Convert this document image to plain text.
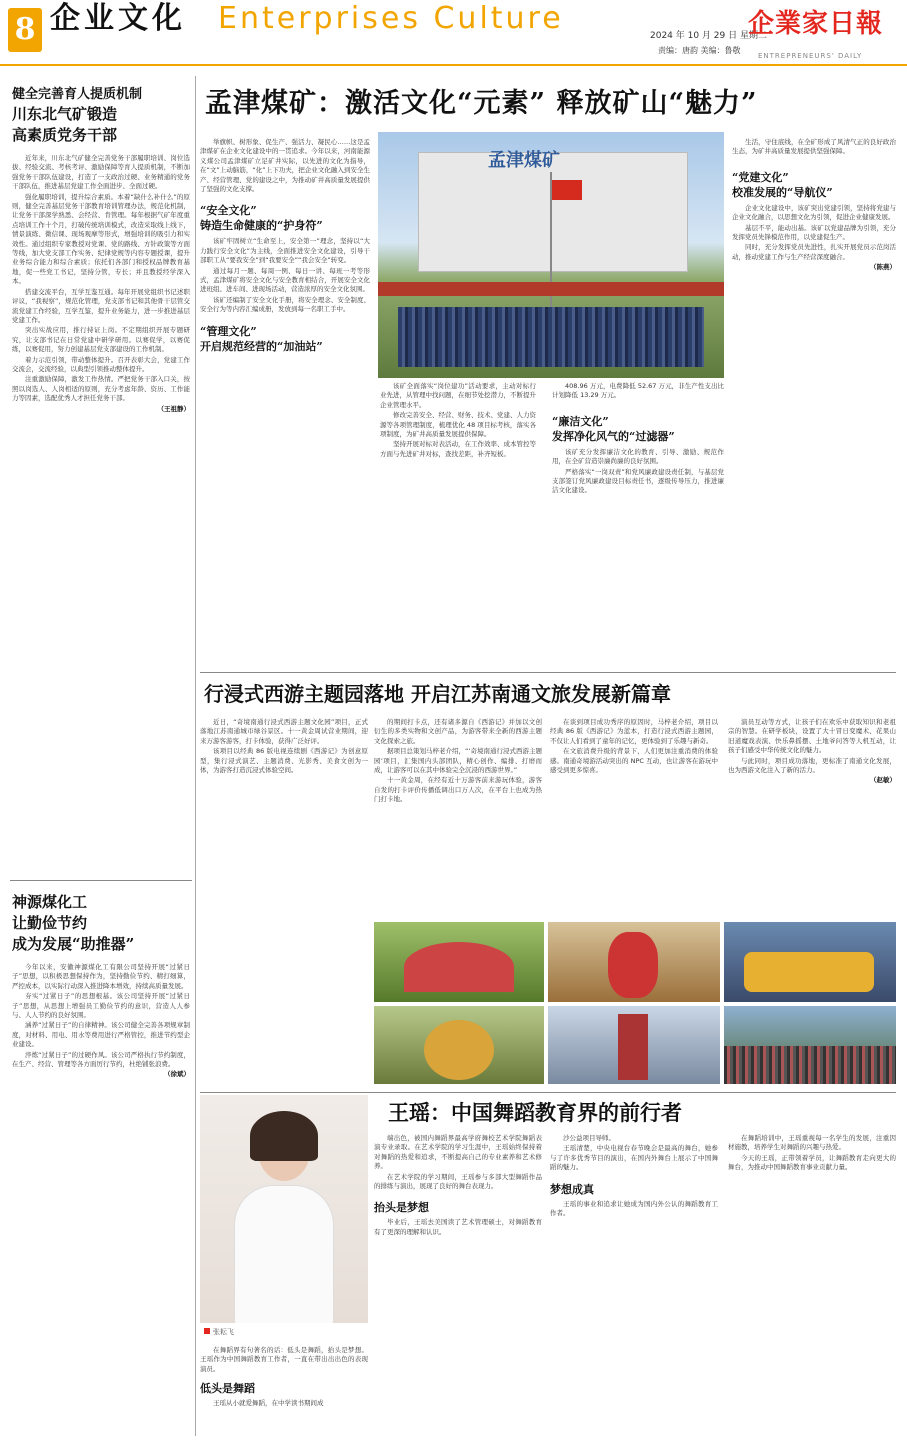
8 企业文化 Enterprises Culture	2024 年 10 月 29 日 星期二
责编：唐韵 美编：鲁敬
企業家日報
ENTREPRENEURS' DAILY
健全完善育人提质机制
川东北气矿锻造
高素质党务干部
近年来，川东北气矿健全完善党务干部履职培训、岗位选拔、经验交流、考核考评、激励保障等育人提质机制，不断加强党务干部队伍建设，打造了一支政治过硬、业务精通的党务干部队伍，推进基层党建工作全面进步、全面过硬。
强化履职培训，提升综合素质。本着“缺什么补什么”的原则，健全完善基层党务干部教育培训管理办法，规范化机制，让党务干部深学熟悉、会经营、肯管理。每年根据气矿年度重点培训工作十个月，打破传统培训模式，改造采取线上线下，情景演练、微信课、现场观摩等形式，增强培训的吸引力和实效性。通过组织专家教授对党课、党的路线、方针政策等方面等线，加大党支部工作实务、纪律党规等内容专题授课，提升业务综合能力和综合素质；依托们各部门和授权品牌教育基地，促一些党工书记，坚持分管，专长；并且教授经学深入本。
搭建交流平台，互学互鉴互通。每年开展党组织书记述职评议，“我视察”，规范化管理，党支部书记和其他骨干层管交流党建工作经验，互学互鉴，提升业务能力，进一步推进基层党建工作。
突出实战应用，推行持证上岗。不定期组织开展专题研究，让支部书记在日常党建中研学研用。以赛促学，以赛促练，以赛促用，努力创建基层党支部建设的工作机制。
着力示范引领，带动整体提升。召开表彰大会，党建工作交流会，交流经验，以典型引领推动整体提升。
注重激励保障，激发工作热情。严把党务干部入口关，按照以岗选人、人岗相适的原则，充分考虑年龄、资历、工作能力等因素，选配优秀人才担任党务干部。
（王祖静）
神源煤化工
让勤俭节约
成为发展“助推器”
今年以来，安徽神源煤化工有限公司坚持开展“过紧日子”思想，以积极思想保持作为，坚持勤俭节约、精打细算，严控成本，以实际行动深入推进降本增效，持续高质量发展。
夯实“过紧日子”的思想根基。该公司坚持开展“过紧日子”思想，从思想上增强员工勤俭节约的意识，营造人人参与、人人节约的良好氛围。
涵养“过紧日子”的自律精神。该公司健全完善各项规章制度，对材料、用电、用水等费用进行严格管控，推进节约型企业建设。
淬炼“过紧日子”的过硬作风。该公司严格执行节约制度，在生产、经营、管理等各方面厉行节约，杜绝铺张浪费。
（徐斌）
孟津煤矿：激活文化“元素” 释放矿山“魅力”
举旗帜、树形象、促生产、强活力、凝民心……这是孟津煤矿在企业文化建设中的一贯追求。今年以来，河南能源义煤公司孟津煤矿立足矿井实际，以先进的文化为指导，在“文”上动脑筋，“化”上下功夫，把企业文化融入到安全生产、经营管理、党的建设之中，为推动矿井高质量发展提供了坚强的文化支撑。
“安全文化”
铸造生命健康的“护身符”
该矿牢固树立“生命至上，安全第一”理念，坚持以“大力践行安全文化”为主线，全面推进安全文化建设，引导干部职工从“要我安全”到“我要安全”“我会安全”转变。
通过每月一题、每周一例、每日一讲、每班一考等形式，孟津煤矿将安全文化与安全教育相结合，开展安全文化进班组、进车间、进现场活动，营造浓厚的安全文化氛围。
该矿还编制了安全文化手册，将安全理念、安全制度、安全行为等内容汇编成册，发放到每一名职工手中。
“管理文化”
开启规范经营的“加油站”
孟津煤矿
该矿全面落实“岗位建功”活动要求，主动对标行业先进，从管理中找问题，在细节处挖潜力，不断提升企业管理水平。
修改完善安全、经营、财务、技术、党建、人力资源等各项管理制度，梳理优化 48 项目标考核，落实各项制度，为矿井高质量发展提供保障。
坚持开展对标对表活动，在工作效率、成本管控等方面与先进矿井对标，查找差距，补齐短板。
408.96 万元，电费降低 52.67 万元，非生产性支出比计划降低 13.29 万元。
“廉洁文化”
发挥净化风气的“过滤器”
该矿充分发挥廉洁文化的教育、引导、激励、规范作用，在全矿营造崇廉尚廉的良好氛围。
严格落实“一岗双责”和党风廉政建设责任制，与基层党支部签订党风廉政建设目标责任书，逐级传导压力，推进廉洁文化建设。
生活，守住底线，在全矿形成了风清气正的良好政治生态，为矿井高质量发展提供坚强保障。
“党建文化”
校准发展的“导航仪”
企业文化建设中，该矿突出党建引领，坚持将党建与企业文化融合，以思想文化为引领，促进企业健康发展。
基层不平，能动出基。该矿以党建品牌为引领，充分发挥党员先锋模范作用，以党建促生产。
同时，充分发挥党员先进性，扎实开展党员示范岗活动，推动党建工作与生产经营深度融合。
（陈燕）
行浸式西游主题园落地 开启江苏南通文旅发展新篇章
近日，“奇境南通行浸式西游主题文化园”项目，正式落地江苏南通城市绿谷景区。十一黄金周试营业期间，迎来万游客游客，打卡体验，获得广泛好评。
该项目以经典 86 版电视连续剧《西游记》为创意原型，集行浸式演艺、主题消费、光影秀、美食文创为一体，为游客打造沉浸式体验空间。
的期间打卡点，还有诸多源自《西游记》并加以文创衍生的多类实物和文创产品，为游客带来全新的西游主题文化探索之旅。
据项目总策划马梓老介绍，“‘奇境南通行浸式西游主题园’项目，汇集国内头部团队，精心创作、编排、打磨而成，让游客可以在其中体验完全沉浸的西游世界。”
十一黄金周，在经有近十万游客前来游玩体验，游客自发的打卡评价传播低调出口万人次，在平台上也成为热门打卡地。
在谈到项目成功秀序的原因时，马梓老介绍，项目以经典 86 版《西游记》为蓝本，打造行浸式西游主题园，不仅让人们看到了童年的记忆，更体验到了乐趣与新奇。
在文旅消费升级的背景下，人们更加注重消费的体验感。南通奇境游活动突出的 NPC 互动，也让游客在游玩中感受到更多惊喜。
演员互动等方式，让孩子们在欢乐中获取知识和老祖宗的智慧。在研学板块，设置了大十冒日变魔术、花果山旧道魔戏表演、快乐鼻摇摆、土地爷问答等人机互动，让孩子们感受中华传统文化的魅力。
与此同时，项目成功落地，更标准了南通文化发展，也为西游文化注入了新的活力。
（赵敏）
张耘飞
王瑶：中国舞蹈教育界的前行者
在舞蹈界有句著名的话：低头是舞蹈，抬头是梦想。王瑶作为中国舞蹈教育工作者，一直在带出出出色的表现演员。
低头是舞蹈
王瑶从小就爱舞蹈，在中学读书期间成
端出色，被国内舞蹈界最高学府舞校艺术学院舞蹈表演专业录取。在艺术学院的学习生涯中，王瑶始终保持着对舞蹈的热爱和追求，不断提高自己的专业素养和艺术修养。
在艺术学院的学习期间，王瑶参与多部大型舞蹈作品的排练与演出，展现了良好的舞台表现力。
抬头是梦想
毕业后，王瑶去美国读了艺术管理硕士，对舞蹈教育有了更深的理解和认识。
沙公益项目导师。
王瑶清楚，中央电视台春节晚会是最高的舞台，她参与了许多优秀节目的演出，在国内外舞台上展示了中国舞蹈的魅力。
梦想成真
王瑶的事业和追求让她成为国内外公认的舞蹈教育工作者。
在舞蹈培训中，王瑶重视每一名学生的发展，注重因材施教，培养学生对舞蹈的兴趣与热爱。
今天的王瑶，正带领着学员，让舞蹈教育走向更大的舞台，为推动中国舞蹈教育事业贡献力量。
